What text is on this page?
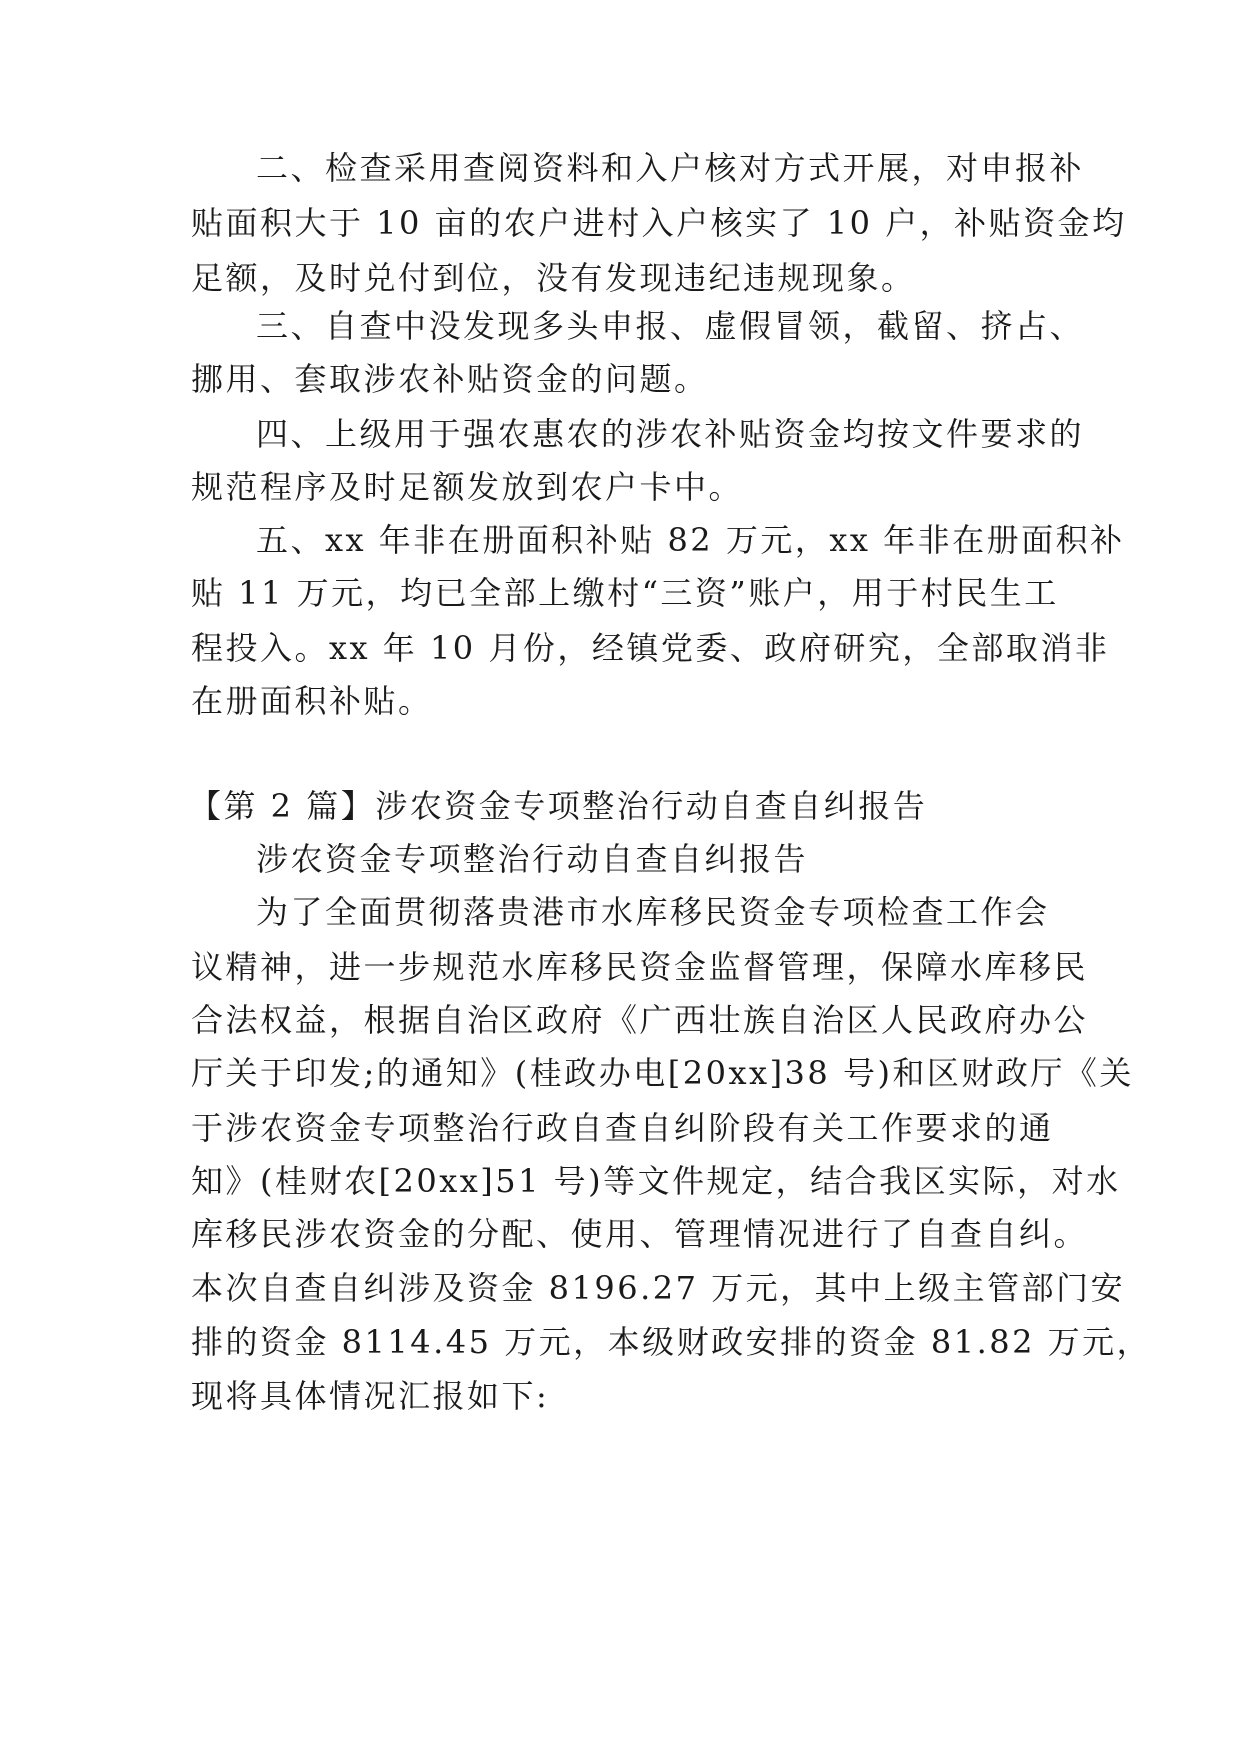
二、检查采用查阅资料和入户核对方式开展，对申报补
贴面积大于 10 亩的农户进村入户核实了 10 户，补贴资金均
足额，及时兑付到位，没有发现违纪违规现象。
三、自查中没发现多头申报、虚假冒领，截留、挤占、
挪用、套取涉农补贴资金的问题。
四、上级用于强农惠农的涉农补贴资金均按文件要求的
规范程序及时足额发放到农户卡中。
五、xx 年非在册面积补贴 82 万元，xx 年非在册面积补
贴 11 万元，均已全部上缴村“三资”账户，用于村民生工
程投入。xx 年 10 月份，经镇党委、政府研究，全部取消非
在册面积补贴。
【第 2 篇】涉农资金专项整治行动自查自纠报告
涉农资金专项整治行动自查自纠报告
为了全面贯彻落贵港市水库移民资金专项检查工作会
议精神，进一步规范水库移民资金监督管理，保障水库移民
合法权益，根据自治区政府《广西壮族自治区人民政府办公
厅关于印发;的通知》(桂政办电[20xx]38 号)和区财政厅《关
于涉农资金专项整治行政自查自纠阶段有关工作要求的通
知》(桂财农[20xx]51 号)等文件规定，结合我区实际，对水
库移民涉农资金的分配、使用、管理情况进行了自查自纠。
本次自查自纠涉及资金 8196.27 万元，其中上级主管部门安
排的资金 8114.45 万元，本级财政安排的资金 81.82 万元，
现将具体情况汇报如下:
